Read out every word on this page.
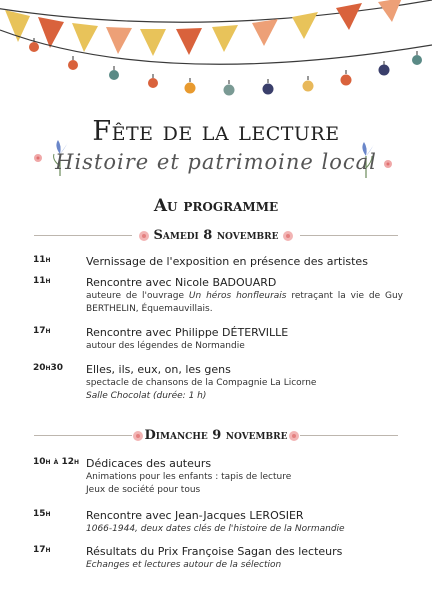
Fête de la lecture
Histoire et patrimoine local
Au programme
Samedi 8 novembre
11h	Vernissage de l'exposition en présence des artistes
11h	Rencontre avec Nicole BADOUARD
auteure de l'ouvrage Un héros honfleurais retraçant la vie de Guy BERTHELIN, Équemauvillais.
17h	Rencontre avec Philippe DÉTERVILLE
autour des légendes de Normandie
20h30	Elles, ils, eux, on, les gens
spectacle de chansons de la Compagnie La Licorne
Salle Chocolat (durée: 1 h)
Dimanche 9 novembre
10h à 12h Dédicaces des auteurs
Animations pour les enfants : tapis de lecture
Jeux de société pour tous
15h	Rencontre avec Jean-Jacques LEROSIER
1066-1944, deux dates clés de l'histoire de la Normandie
17h	Résultats du Prix Françoise Sagan des lecteurs
Echanges et lectures autour de la sélection
